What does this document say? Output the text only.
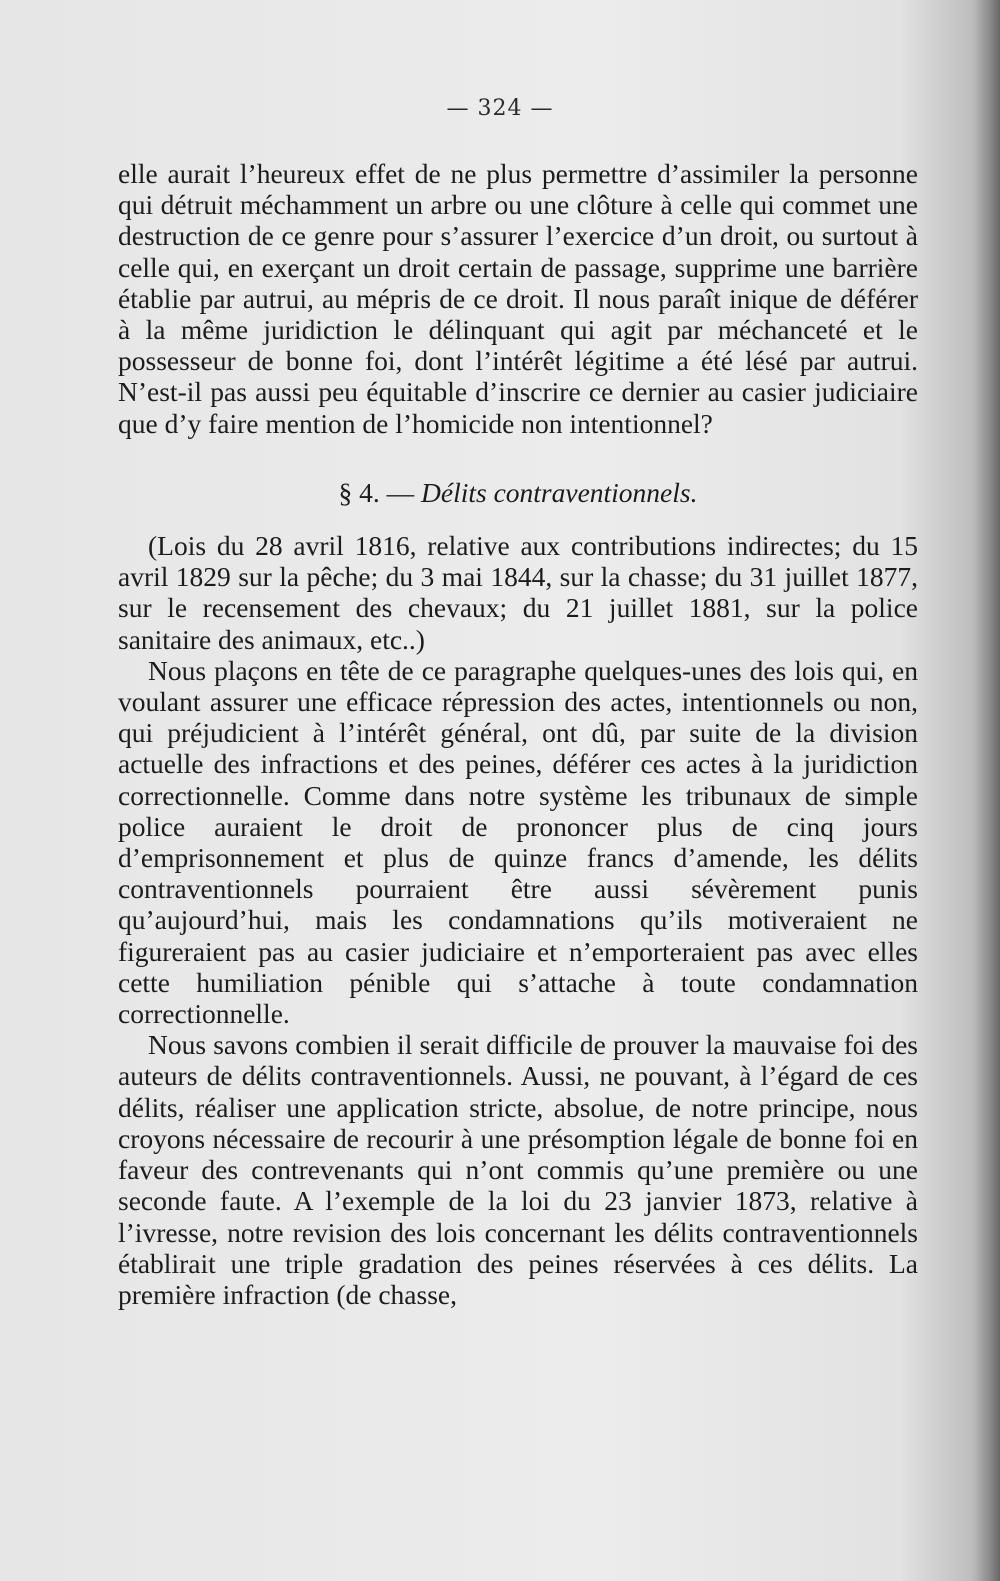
— 324 —

elle aurait l’heureux effet de ne plus permettre d’assimiler la personne qui détruit méchamment un arbre ou une clôture à celle qui commet une destruction de ce genre pour s’assurer l’exercice d’un droit, ou surtout à celle qui, en exerçant un droit certain de passage, supprime une barrière établie par autrui, au mépris de ce droit. Il nous paraît inique de déférer à la même juridiction le délinquant qui agit par méchanceté et le possesseur de bonne foi, dont l’intérêt légitime a été lésé par autrui. N’est-il pas aussi peu équitable d’inscrire ce dernier au casier judiciaire que d’y faire mention de l’homicide non intentionnel?

§ 4. — Délits contraventionnels.

(Lois du 28 avril 1816, relative aux contributions indirectes; du 15 avril 1829 sur la pêche; du 3 mai 1844, sur la chasse; du 31 juillet 1877, sur le recensement des chevaux; du 21 juillet 1881, sur la police sanitaire des animaux, etc..)

Nous plaçons en tête de ce paragraphe quelques-unes des lois qui, en voulant assurer une efficace répression des actes, intentionnels ou non, qui préjudicient à l’intérêt général, ont dû, par suite de la division actuelle des infractions et des peines, déférer ces actes à la juridiction correctionnelle. Comme dans notre système les tribunaux de simple police auraient le droit de prononcer plus de cinq jours d’emprisonnement et plus de quinze francs d’amende, les délits contraventionnels pourraient être aussi sévèrement punis qu’aujourd’hui, mais les condamnations qu’ils motiveraient ne figureraient pas au casier judiciaire et n’emporteraient pas avec elles cette humiliation pénible qui s’attache à toute condamnation correctionnelle.

Nous savons combien il serait difficile de prouver la mauvaise foi des auteurs de délits contraventionnels. Aussi, ne pouvant, à l’égard de ces délits, réaliser une application stricte, absolue, de notre principe, nous croyons nécessaire de recourir à une présomption légale de bonne foi en faveur des contrevenants qui n’ont commis qu’une première ou une seconde faute. A l’exemple de la loi du 23 janvier 1873, relative à l’ivresse, notre revision des lois concernant les délits contraventionnels établirait une triple gradation des peines réservées à ces délits. La première infraction (de chasse,
